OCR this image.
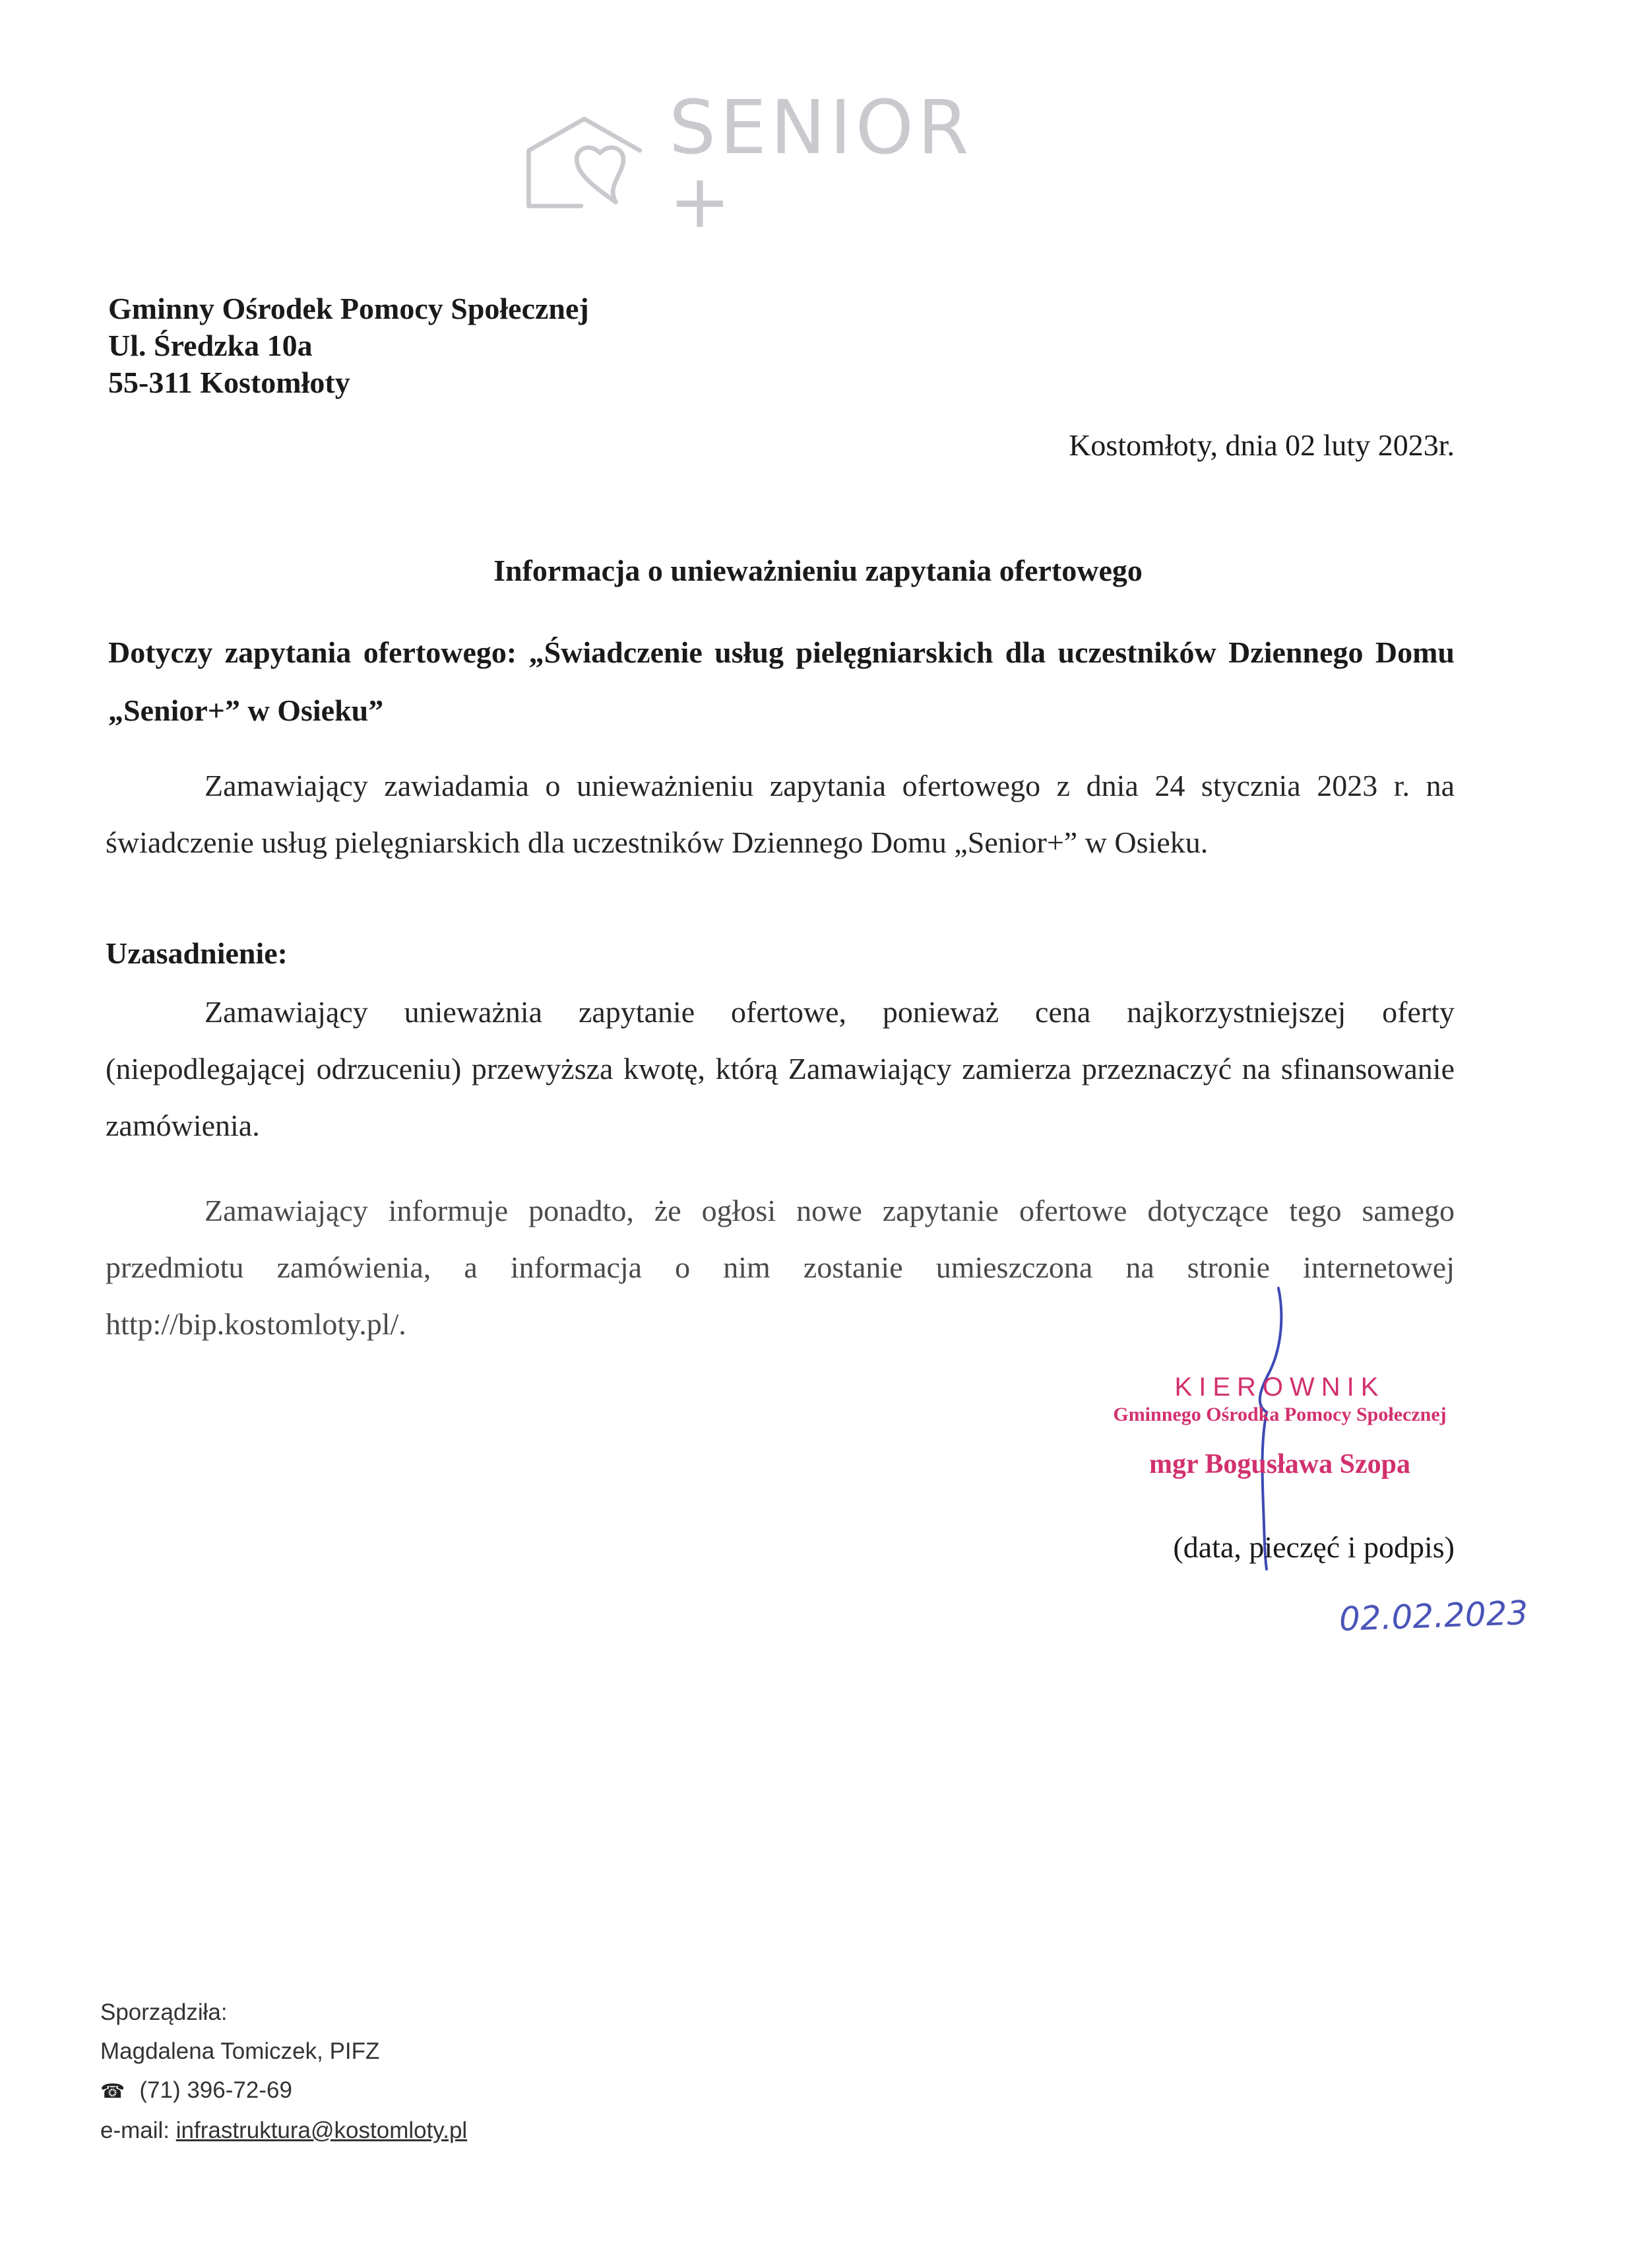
SENIOR +
Gminny Ośrodek Pomocy Społecznej
Ul. Średzka 10a
55-311 Kostomłoty
Kostomłoty, dnia 02 luty 2023r.
Informacja o unieważnieniu zapytania ofertowego
Dotyczy zapytania ofertowego: „Świadczenie usług pielęgniarskich dla uczestników Dziennego Domu „Senior+” w Osieku”
Zamawiający zawiadamia o unieważnieniu zapytania ofertowego z dnia 24 stycznia 2023 r. na świadczenie usług pielęgniarskich dla uczestników Dziennego Domu „Senior+” w Osieku.
Uzasadnienie:
Zamawiający unieważnia zapytanie ofertowe, ponieważ cena najkorzystniejszej oferty (niepodlegającej odrzuceniu) przewyższa kwotę, którą Zamawiający zamierza przeznaczyć na sfinansowanie zamówienia.
Zamawiający informuje ponadto, że ogłosi nowe zapytanie ofertowe dotyczące tego samego przedmiotu zamówienia, a informacja o nim zostanie umieszczona na stronie internetowej http://bip.kostomloty.pl/.
KIEROWNIK
Gminnego Ośrodka Pomocy Społecznej
mgr Bogusława Szopa
(data, pieczęć i podpis)
02.02.2023
Sporządziła:
Magdalena Tomiczek, PIFZ
☎ (71) 396-72-69
e-mail: infrastruktura@kostomloty.pl
